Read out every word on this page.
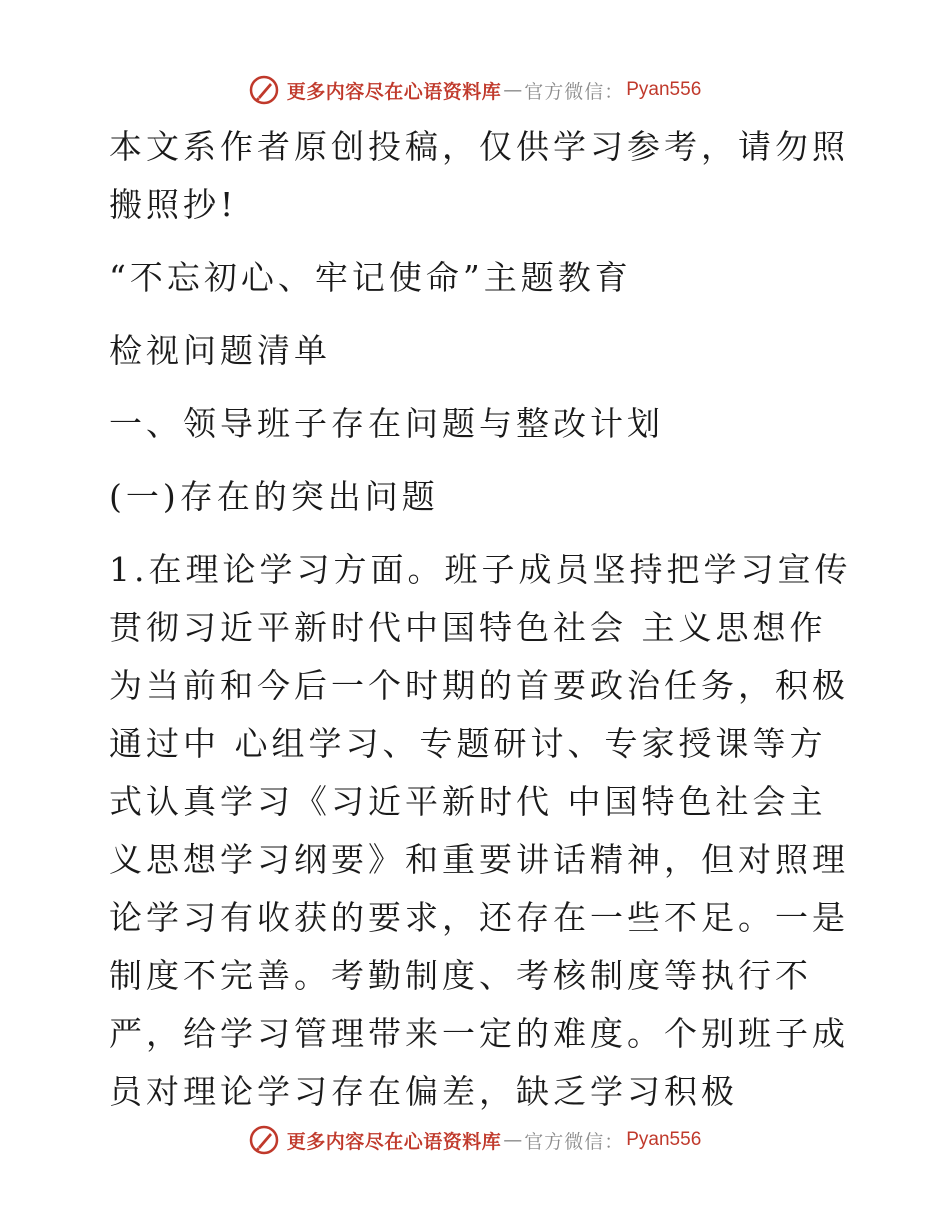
更多内容尽在心语资料库 — 官方微信： Pyan556

本文系作者原创投稿，仅供学习参考，请勿照搬照抄!

“不忘初心、牢记使命”主题教育

检视问题清单

一、领导班子存在问题与整改计划

(一)存在的突出问题

1.在理论学习方面。班子成员坚持把学习宣传贯彻习近平新时代中国特色社会 主义思想作为当前和今后一个时期的首要政治任务，积极通过中 心组学习、专题研讨、专家授课等方式认真学习《习近平新时代 中国特色社会主义思想学习纲要》和重要讲话精神，但对照理论学习有收获的要求，还存在一些不足。一是制度不完善。考勤制度、考核制度等执行不严，给学习管理带来一定的难度。个别班子成员对理论学习存在偏差，缺乏学习积极

更多内容尽在心语资料库 — 官方微信： Pyan556
